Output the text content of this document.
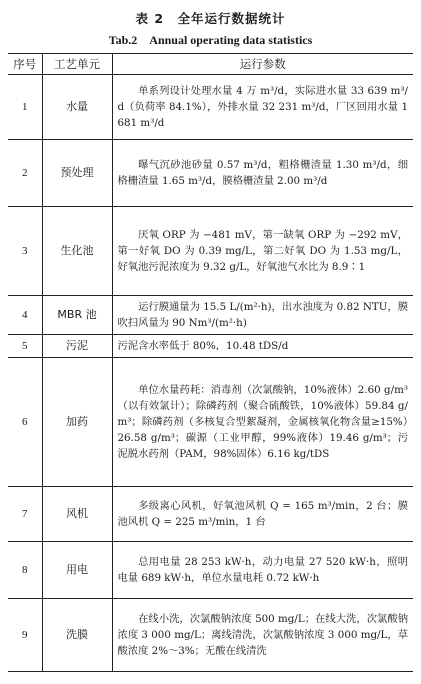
表 2　全年运行数据统计
Tab.2　Annual operating data statistics
序号	工艺单元	运行参数
1	水量	单系列设计处理水量 4 万 m³/d，实际进水量 33 639 m³/d（负荷率 84.1%），外排水量 32 231 m³/d，厂区回用水量 1 681 m³/d
2	预处理	曝气沉砂池砂量 0.57 m³/d，粗格栅渣量 1.30 m³/d，细格栅渣量 1.65 m³/d，膜格栅渣量 2.00 m³/d
3	生化池	厌氧 ORP 为 −481 mV，第一缺氧 ORP 为 −292 mV，第一好氧 DO 为 0.39 mg/L，第二好氧 DO 为 1.53 mg/L，好氧池污泥浓度为 9.32 g/L，好氧池气水比为 8.9∶1
4	MBR 池	运行膜通量为 15.5 L/(m²·h)，出水浊度为 0.82 NTU，膜吹扫风量为 90 Nm³/(m²·h)
5	污泥	污泥含水率低于 80%，10.48 tDS/d
6	加药	单位水量药耗：消毒剂（次氯酸钠，10%液体）2.60 g/m³（以有效氯计）；除磷药剂（聚合硫酸铁，10%液体）59.84 g/m³；除磷药剂（多核复合型絮凝剂，金属核氧化物含量≥15%）26.58 g/m³；碳源（工业甲醇，99%液体）19.46 g/m³；污泥脱水药剂（PAM，98%固体）6.16 kg/tDS
7	风机	多级离心风机，好氧池风机 Q = 165 m³/min，2 台；膜池风机 Q = 225 m³/min，1 台
8	用电	总用电量 28 253 kW·h，动力电量 27 520 kW·h，照明电量 689 kW·h，单位水量电耗 0.72 kW·h
9	洗膜	在线小洗，次氯酸钠浓度 500 mg/L；在线大洗，次氯酸钠浓度 3 000 mg/L；离线清洗，次氯酸钠浓度 3 000 mg/L，草酸浓度 2%～3%；无酸在线清洗
